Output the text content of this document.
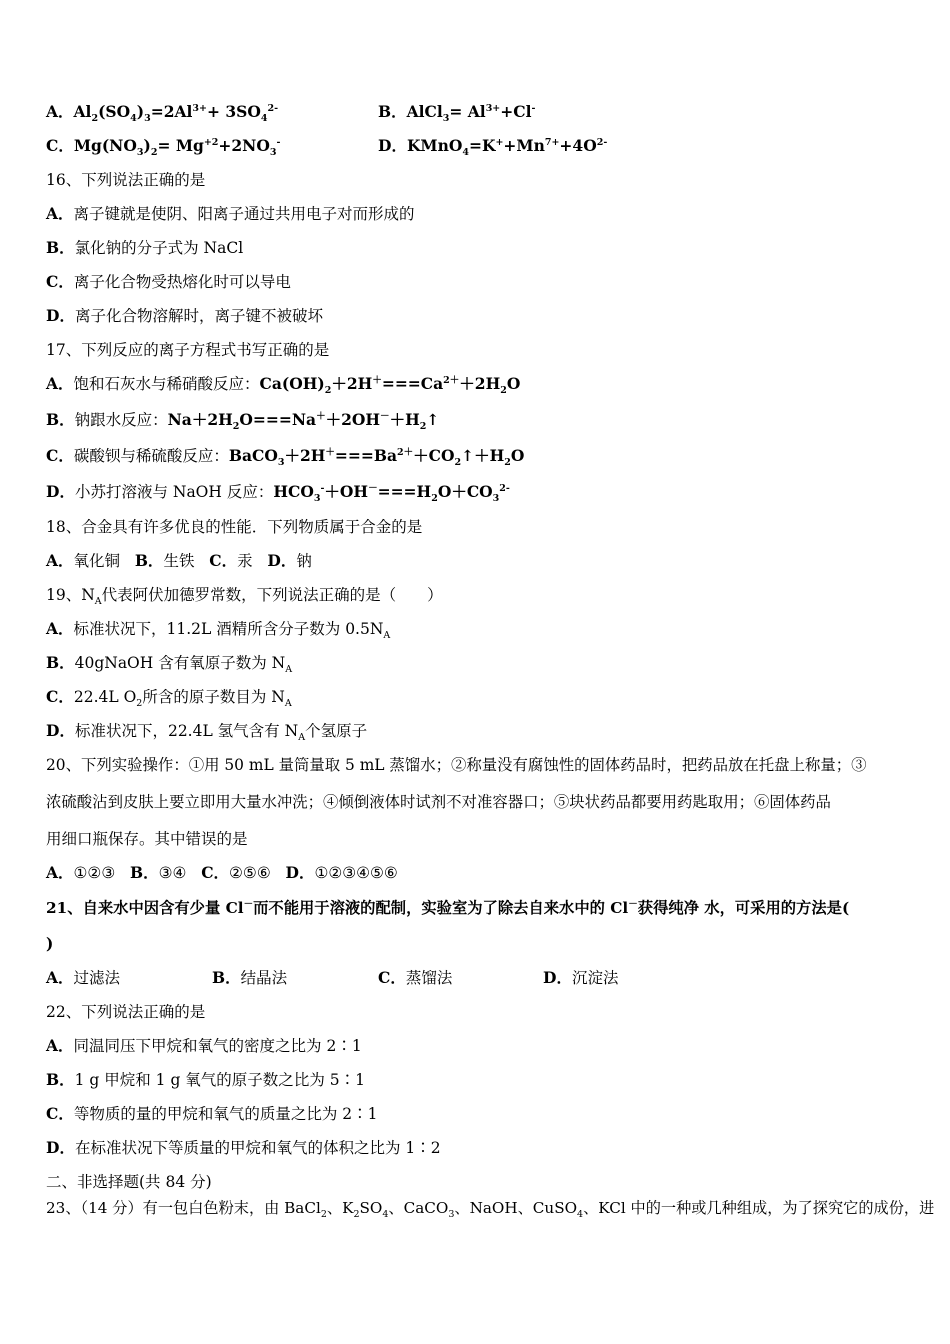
A．$Al_2(SO_4)_3=2Al^{3+}+ 3SO_4^{2-}$	B．AlCl$_3$= $Al^{3+}+Cl^-$
C．$Mg(NO_3)_2= Mg^{+2}+2NO_3^-$	D．$KMnO_4=K^++Mn^{7+}+4O^{2-}$
16、下列说法正确的是
A．离子键就是使阴、阳离子通过共用电子对而形成的
B．氯化钠的分子式为 NaCl
C．离子化合物受热熔化时可以导电
D．离子化合物溶解时，离子键不被破坏
17、下列反应的离子方程式书写正确的是
A．饱和石灰水与稀硝酸反应：$Ca(OH)_2+2H^+===Ca^{2+}+2H_2O$
B．钠跟水反应：$Na+2H_2O===Na^++2OH^-+H_2↑$
C．碳酸钡与稀硫酸反应：$BaCO_3+2H^+===Ba^{2+}+CO_2↑+H_2O$
D．小苏打溶液与 NaOH 反应：$HCO_3^-+OH^-===H_2O+CO_3^{2-}$
18、合金具有许多优良的性能．下列物质属于合金的是
A．氧化铜 B．生铁 C．汞 D．钠
19、$N_A$代表阿伏加德罗常数，下列说法正确的是（　　）
A．标准状况下，11.2L 酒精所含分子数为 $0.5N_A$
B．40gNaOH 含有氧原子数为 $N_A$
C．22.4L $O_2$所含的原子数目为 $N_A$
D．标准状况下，22.4L 氢气含有 $N_A$个氢原子
20、下列实验操作：①用 50 mL 量筒量取 5 mL 蒸馏水；②称量没有腐蚀性的固体药品时，把药品放在托盘上称量；③
浓硫酸沾到皮肤上要立即用大量水冲洗；④倾倒液体时试剂不对准容器口；⑤块状药品都要用药匙取用；⑥固体药品
用细口瓶保存。其中错误的是
A．①②③ B．③④ C．②⑤⑥ D．①②③④⑤⑥
21、自来水中因含有少量 Cl－而不能用于溶液的配制，实验室为了除去自来水中的 Cl－获得纯净 水，可采用的方法是(
)
A．过滤法	B．结晶法	C．蒸馏法	D．沉淀法
22、下列说法正确的是
A．同温同压下甲烷和氧气的密度之比为 2∶1
B．1 g 甲烷和 1 g 氧气的原子数之比为 5∶1
C．等物质的量的甲烷和氧气的质量之比为 2∶1
D．在标准状况下等质量的甲烷和氧气的体积之比为 1∶2
二、非选择题(共 84 分)
23、（14 分）有一包白色粉末，由 BaCl$_2$、$K_2SO_4$、CaCO$_3$、NaOH、CuSO$_4$、KCl 中的一种或几种组成，为了探究它的成份，进
